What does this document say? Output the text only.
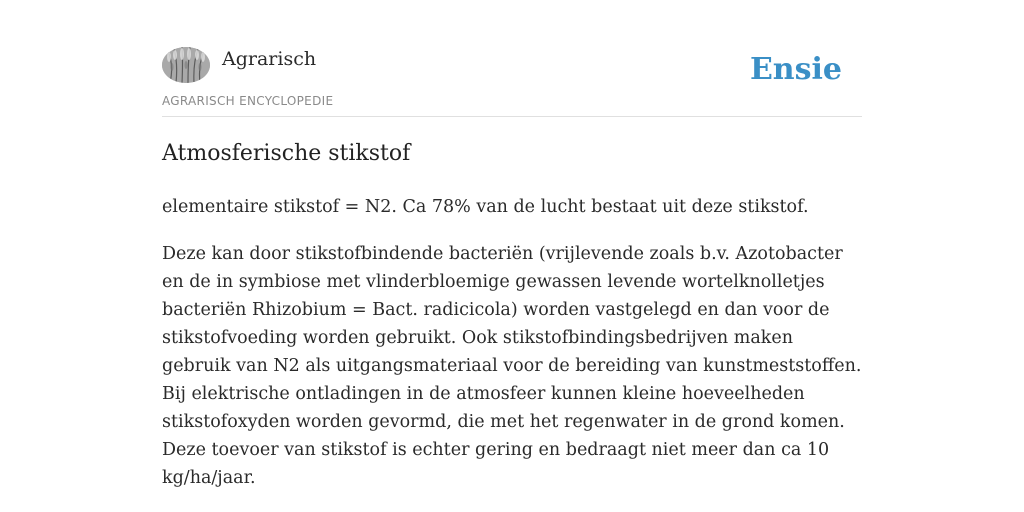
Agrarisch
AGRARISCH ENCYCLOPEDIE
Ensie
Atmosferische stikstof

elementaire stikstof = N2. Ca 78% van de lucht bestaat uit deze stikstof.

Deze kan door stikstofbindende bacteriën (vrijlevende zoals b.v. Azotobacter en de in symbiose met vlinderbloemige gewassen levende wortelknolletjes bacteriën Rhizobium = Bact. radicicola) worden vastgelegd en dan voor de stikstofvoeding worden gebruikt. Ook stikstofbindingsbedrijven maken gebruik van N2 als uitgangsmateriaal voor de bereiding van kunstmeststoffen. Bij elektrische ontladingen in de atmosfeer kunnen kleine hoeveelheden stikstofoxyden worden gevormd, die met het regenwater in de grond komen. Deze toevoer van stikstof is echter gering en bedraagt niet meer dan ca 10 kg/ha/jaar.
